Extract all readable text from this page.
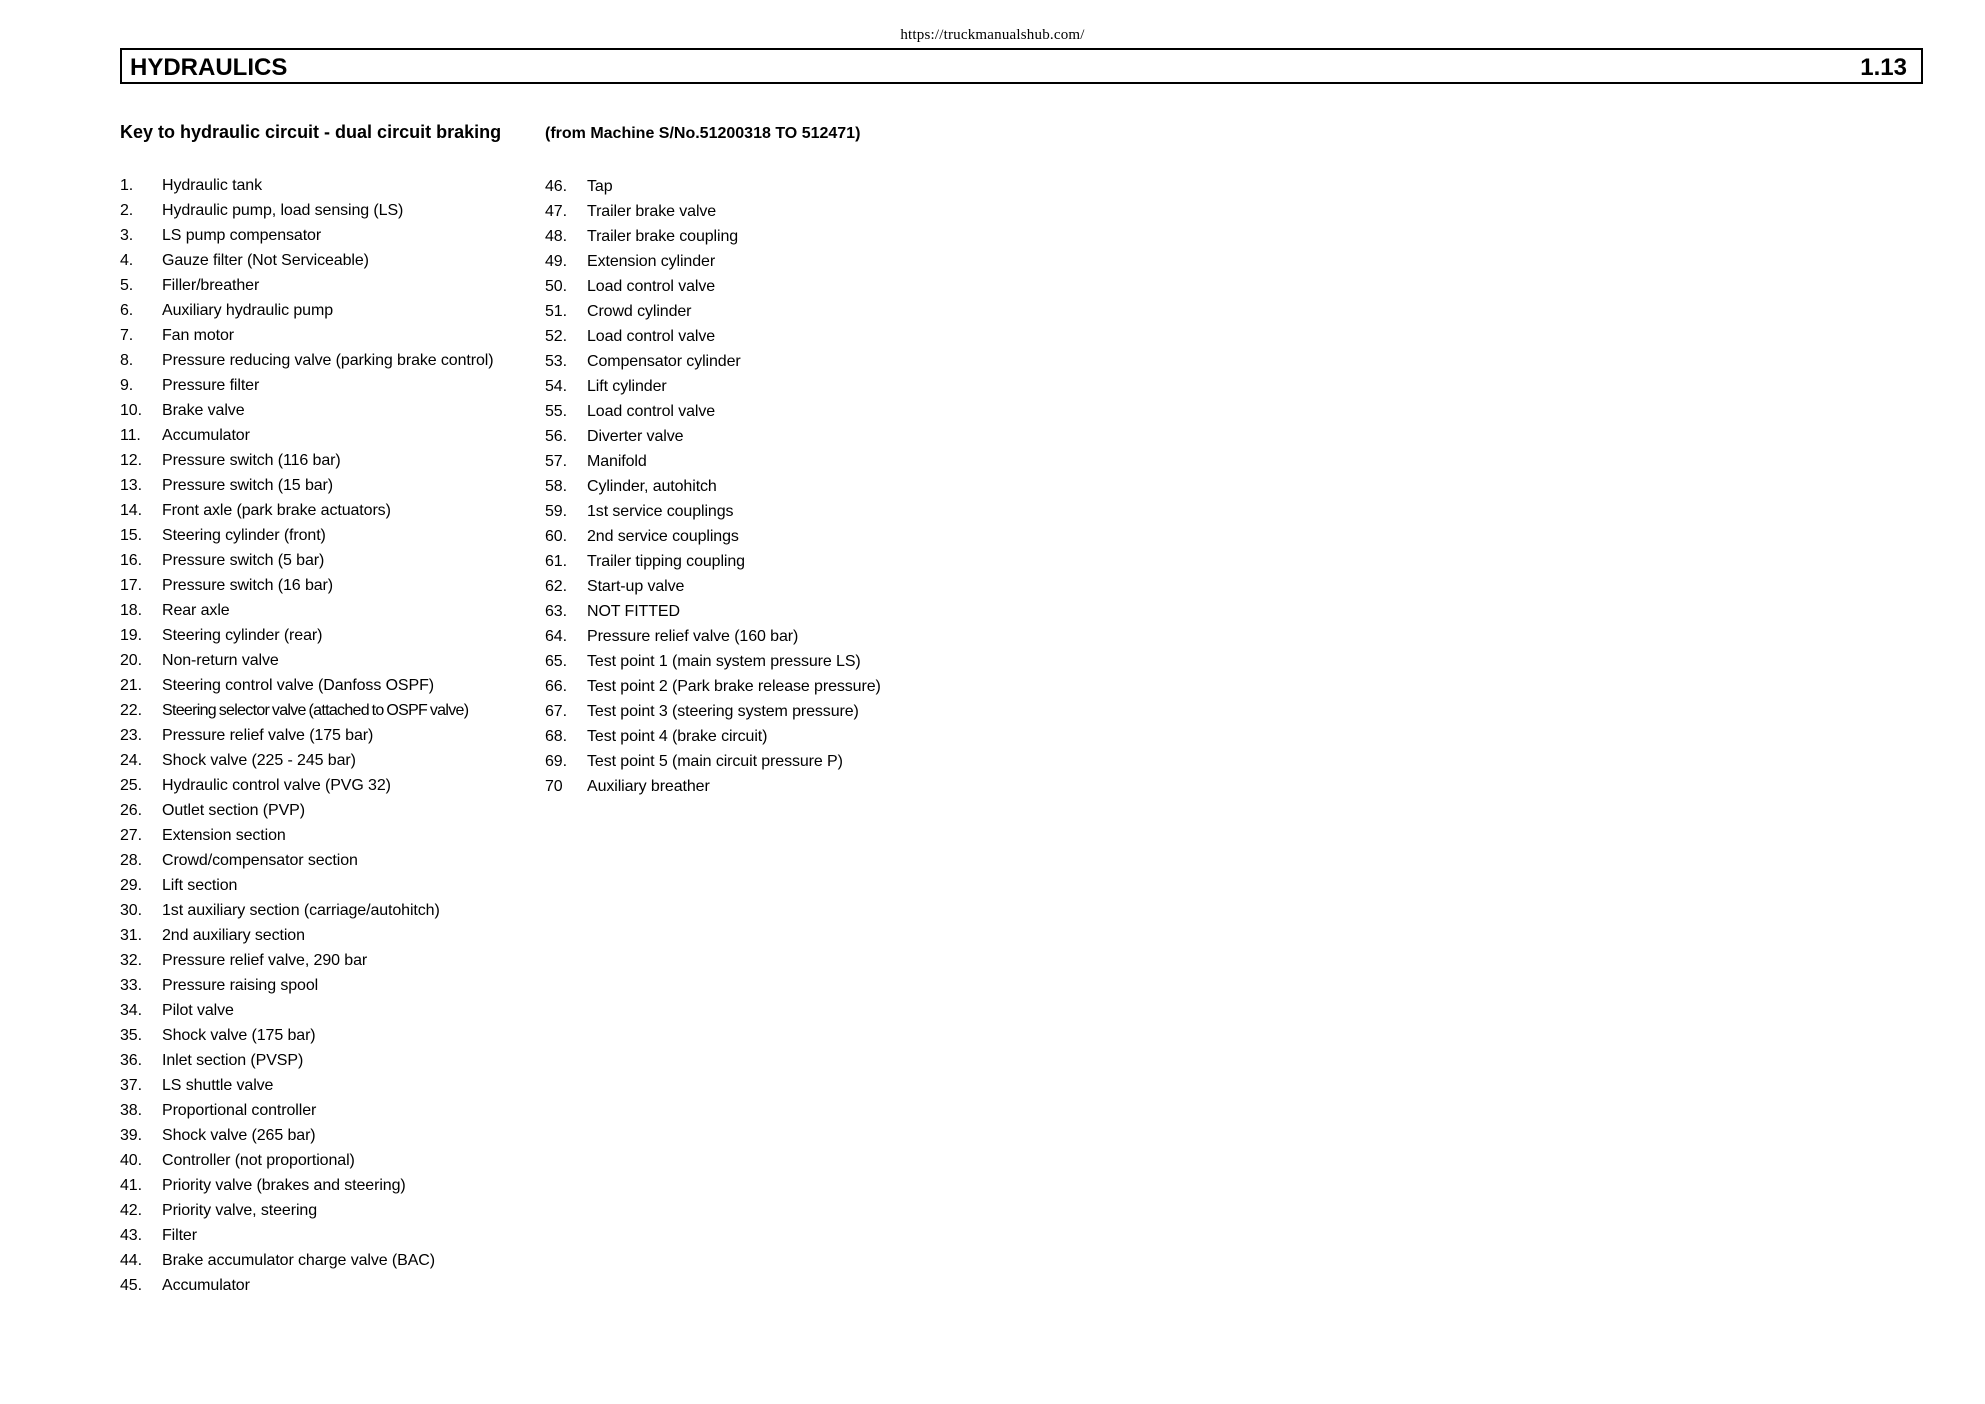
https://truckmanualshub.com/
HYDRAULICS	1.13
Key to hydraulic circuit - dual circuit braking	(from Machine S/No.51200318 TO 512471)
1.	Hydraulic tank
2.	Hydraulic pump, load sensing (LS)
3.	LS pump compensator
4.	Gauze filter (Not Serviceable)
5.	Filler/breather
6.	Auxiliary hydraulic pump
7.	Fan motor
8.	Pressure reducing valve (parking brake control)
9.	Pressure filter
10.	Brake valve
11.	Accumulator
12.	Pressure switch (116 bar)
13.	Pressure switch (15 bar)
14.	Front axle (park brake actuators)
15.	Steering cylinder (front)
16.	Pressure switch (5 bar)
17.	Pressure switch (16 bar)
18.	Rear axle
19.	Steering cylinder (rear)
20.	Non-return valve
21.	Steering control valve (Danfoss OSPF)
22.	Steering selector valve (attached to OSPF valve)
23.	Pressure relief valve (175 bar)
24.	Shock valve (225 - 245 bar)
25.	Hydraulic control valve (PVG 32)
26.	Outlet section (PVP)
27.	Extension section
28.	Crowd/compensator section
29.	Lift section
30.	1st auxiliary section (carriage/autohitch)
31.	2nd auxiliary section
32.	Pressure relief valve, 290 bar
33.	Pressure raising spool
34.	Pilot valve
35.	Shock valve (175 bar)
36.	Inlet section (PVSP)
37.	LS shuttle valve
38.	Proportional controller
39.	Shock valve (265 bar)
40.	Controller (not proportional)
41.	Priority valve (brakes and steering)
42.	Priority valve, steering
43.	Filter
44.	Brake accumulator charge valve (BAC)
45.	Accumulator
46.	Tap
47.	Trailer brake valve
48.	Trailer brake coupling
49.	Extension cylinder
50.	Load control valve
51.	Crowd cylinder
52.	Load control valve
53.	Compensator cylinder
54.	Lift cylinder
55.	Load control valve
56.	Diverter valve
57.	Manifold
58.	Cylinder, autohitch
59.	1st service couplings
60.	2nd service couplings
61.	Trailer tipping coupling
62.	Start-up valve
63.	NOT FITTED
64.	Pressure relief valve (160 bar)
65.	Test point 1 (main system pressure LS)
66.	Test point 2 (Park brake release pressure)
67.	Test point 3 (steering system pressure)
68.	Test point 4 (brake circuit)
69.	Test point 5 (main circuit pressure P)
70	Auxiliary breather
